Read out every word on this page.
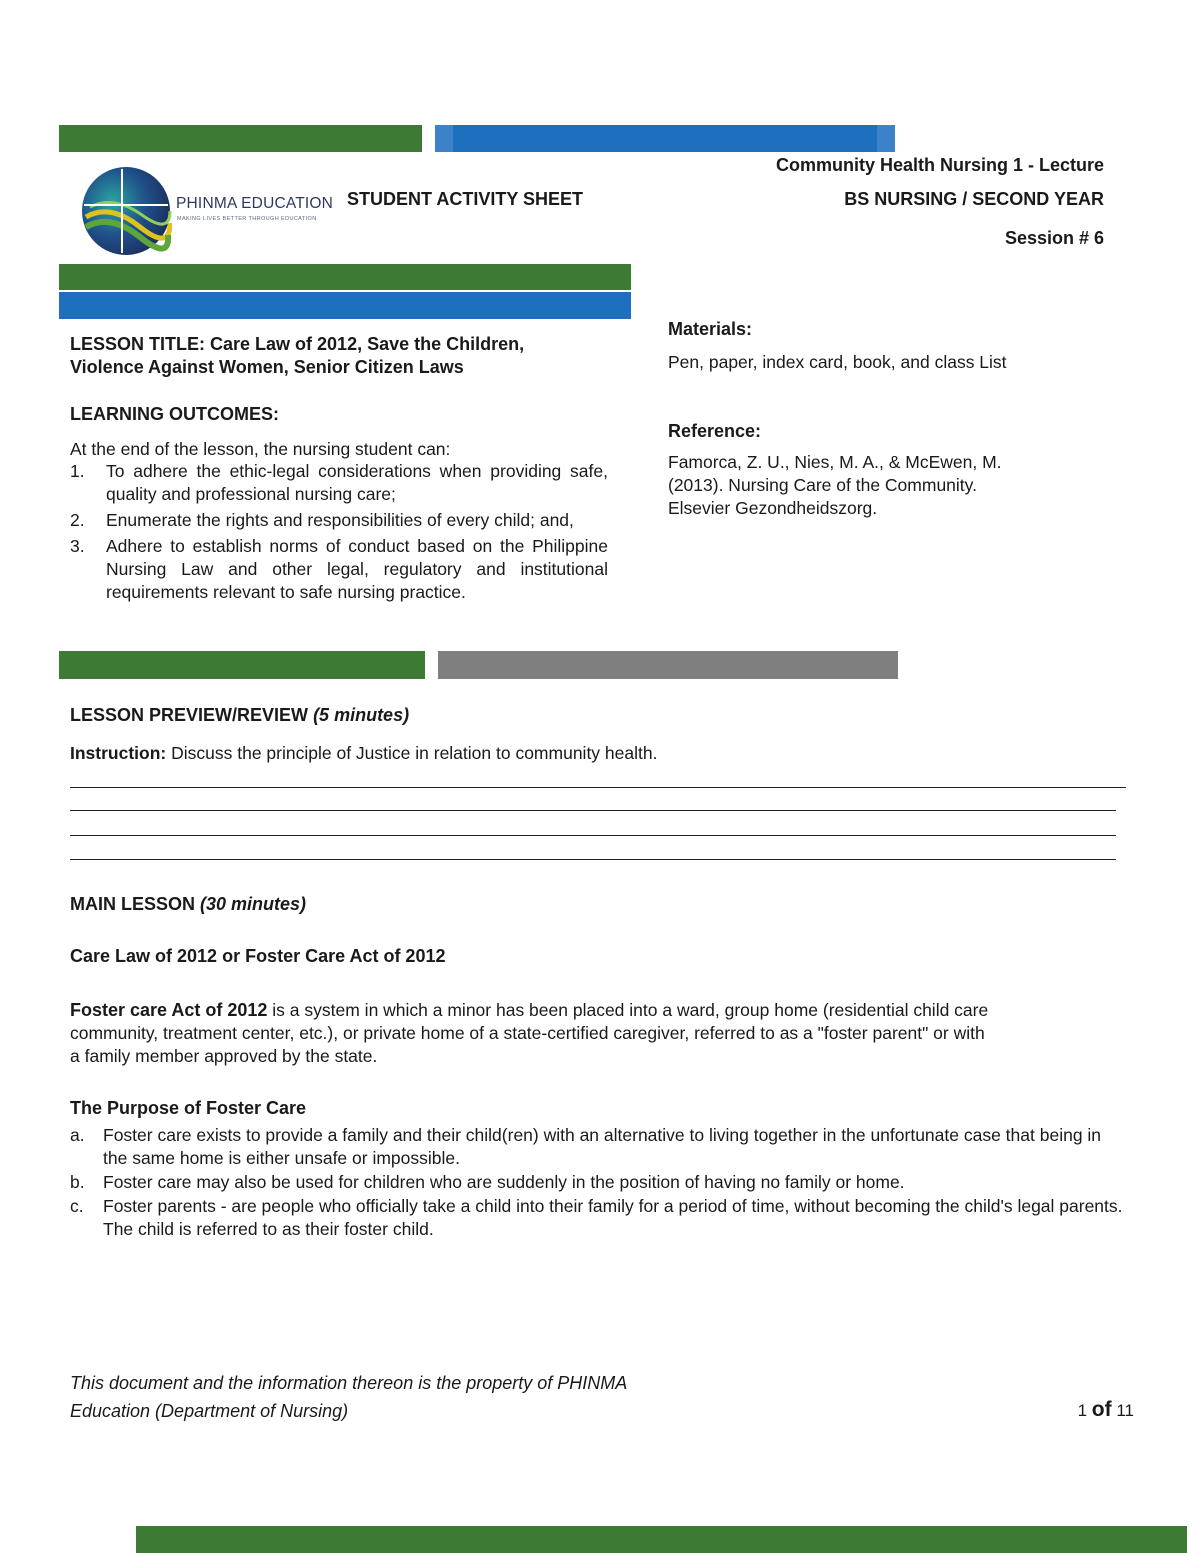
PHINMA EDUCATION
MAKING LIVES BETTER THROUGH EDUCATION
STUDENT ACTIVITY SHEET
Community Health Nursing 1 - Lecture
BS NURSING / SECOND YEAR
Session # 6
LESSON TITLE: Care Law of 2012, Save the Children,
Violence Against Women, Senior Citizen Laws
LEARNING OUTCOMES:
At the end of the lesson, the nursing student can:
1. To adhere the ethic-legal considerations when providing safe, quality and professional nursing care;
2. Enumerate the rights and responsibilities of every child; and,
3. Adhere to establish norms of conduct based on the Philippine Nursing Law and other legal, regulatory and institutional requirements relevant to safe nursing practice.
Materials:
Pen, paper, index card, book, and class List
Reference:
Famorca, Z. U., Nies, M. A., & McEwen, M.
(2013). Nursing Care of the Community.
Elsevier Gezondheidszorg.
LESSON PREVIEW/REVIEW (5 minutes)
Instruction: Discuss the principle of Justice in relation to community health.
MAIN LESSON (30 minutes)
Care Law of 2012 or Foster Care Act of 2012
Foster care Act of 2012 is a system in which a minor has been placed into a ward, group home (residential child care
community, treatment center, etc.), or private home of a state-certified caregiver, referred to as a "foster parent" or with
a family member approved by the state.
The Purpose of Foster Care
a. Foster care exists to provide a family and their child(ren) with an alternative to living together in the unfortunate case that being in the same home is either unsafe or impossible.
b. Foster care may also be used for children who are suddenly in the position of having no family or home.
c. Foster parents - are people who officially take a child into their family for a period of time, without becoming the child's legal parents. The child is referred to as their foster child.
This document and the information thereon is the property of PHINMA
Education (Department of Nursing)	1 of 11
